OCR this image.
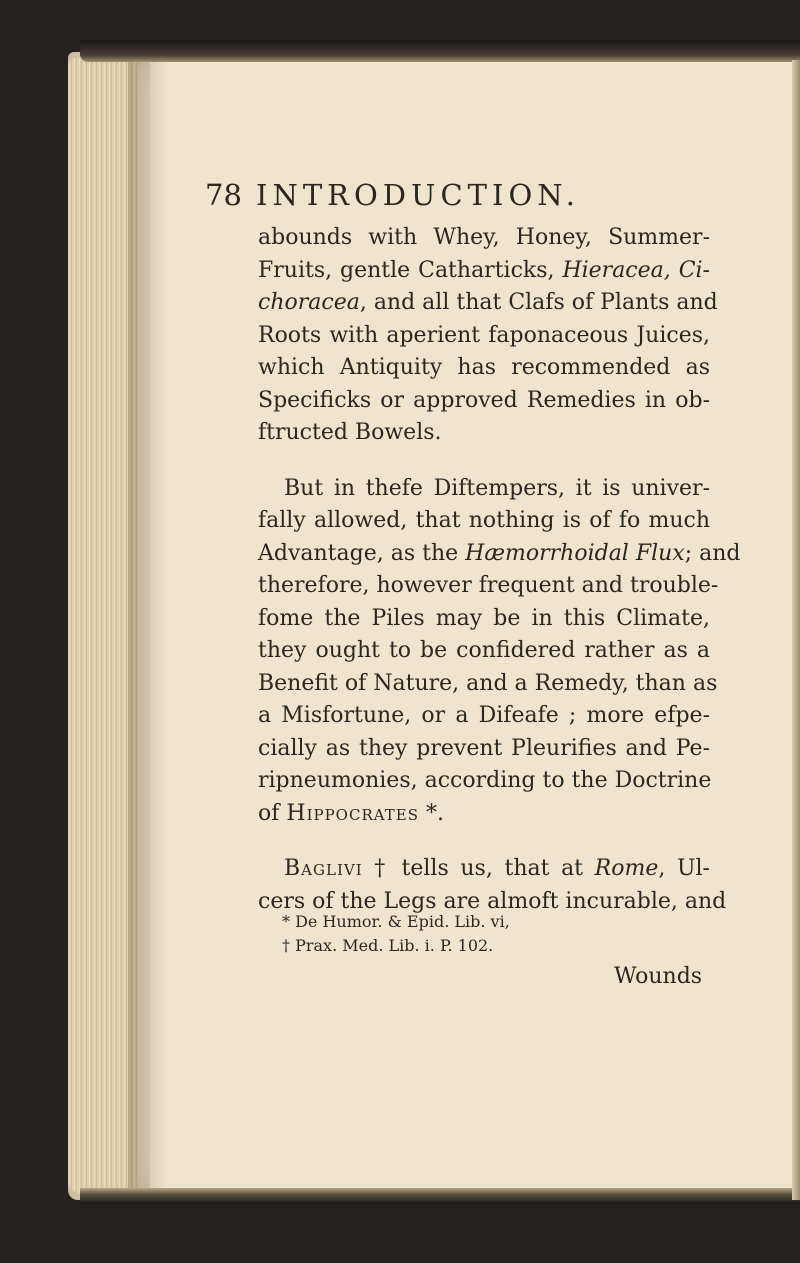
78 INTRODUCTION.

abounds with Whey, Honey, Summer-
Fruits, gentle Catharticks, Hieracea, Ci-
choracea, and all that Clafs of Plants and
Roots with aperient faponaceous Juices,
which Antiquity has recommended as
Specificks or approved Remedies in ob-
ftructed Bowels.

But in thefe Diftempers, it is univer-
fally allowed, that nothing is of fo much
Advantage, as the Hæmorrhoidal Flux; and
therefore, however frequent and trouble-
fome the Piles may be in this Climate,
they ought to be confidered rather as a
Benefit of Nature, and a Remedy, than as
a Misfortune, or a Difeafe ; more efpe-
cially as they prevent Pleurifies and Pe-
ripneumonies, according to the Doctrine
of Hippocrates *.

Baglivi † tells us, that at Rome, Ul-
cers of the Legs are almoft incurable, and

* De Humor. & Epid. Lib. vi,
† Prax. Med. Lib. i. P. 102.
Wounds
